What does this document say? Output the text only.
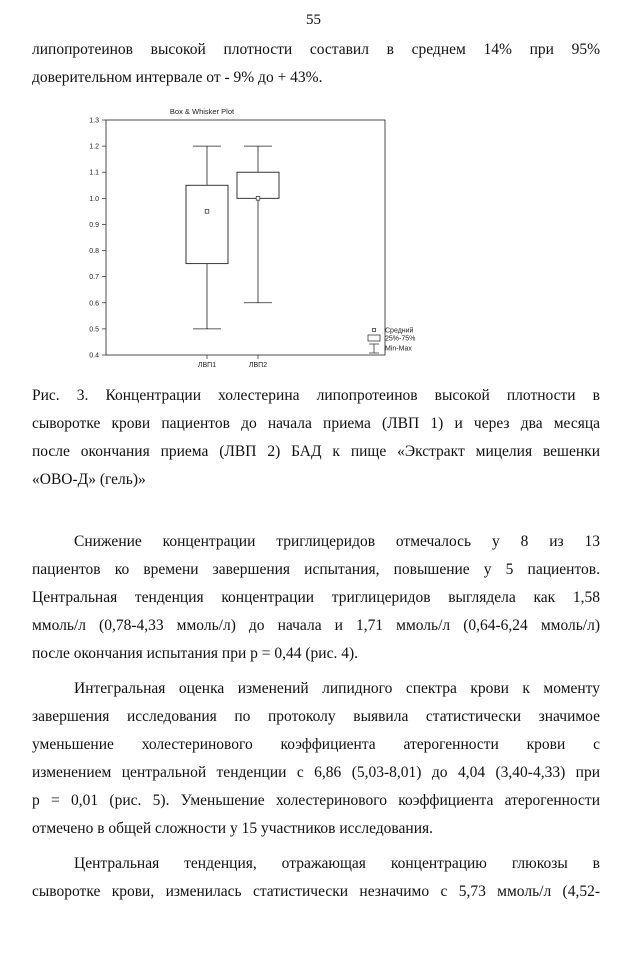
55
липопротеинов высокой плотности составил в среднем 14% при 95%
доверительном интервале от - 9% до + 43%.
Box & Whisker Plot
0.4
0.5
0.6
0.7
0.8
0.9
1.0
1.1
1.2
1.3
ЛВП1	ЛВП2
Средний
25%-75%
Min-Max
Рис. 3. Концентрации холестерина липопротеинов высокой плотности в
сыворотке крови пациентов до начала приема (ЛВП 1) и через два месяца
после окончания приема (ЛВП 2) БАД к пище «Экстракт мицелия вешенки
«ОВО-Д» (гель)»
Снижение концентрации триглицеридов отмечалось у 8 из 13
пациентов ко времени завершения испытания, повышение у 5 пациентов.
Центральная тенденция концентрации триглицеридов выглядела как 1,58
ммоль/л (0,78-4,33 ммоль/л) до начала и 1,71 ммоль/л (0,64-6,24 ммоль/л)
после окончания испытания при p = 0,44 (рис. 4).
Интегральная оценка изменений липидного спектра крови к моменту
завершения исследования по протоколу выявила статистически значимое
уменьшение холестеринового коэффициента атерогенности крови с
изменением центральной тенденции с 6,86 (5,03-8,01) до 4,04 (3,40-4,33) при
p = 0,01 (рис. 5). Уменьшение холестеринового коэффициента атерогенности
отмечено в общей сложности у 15 участников исследования.
Центральная тенденция, отражающая концентрацию глюкозы в
сыворотке крови, изменилась статистически незначимо с 5,73 ммоль/л (4,52-
